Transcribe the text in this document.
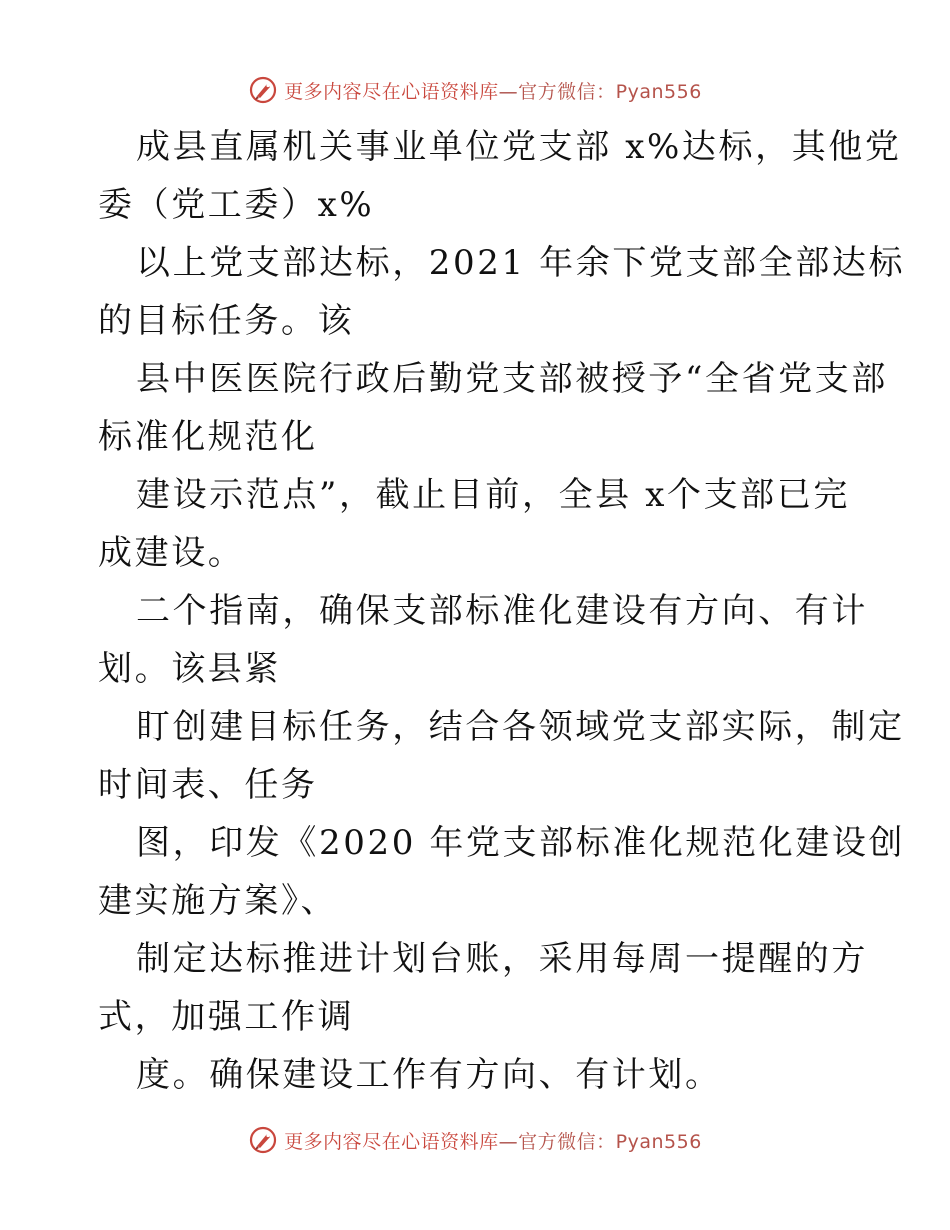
更多内容尽在心语资料库—官方微信：Pyan556

成县直属机关事业单位党支部 x%达标，其他党
委（党工委）x%

以上党支部达标，2021 年余下党支部全部达标
的目标任务。该

县中医医院行政后勤党支部被授予“全省党支部
标准化规范化

建设示范点”，截止目前，全县 x个支部已完
成建设。

二个指南，确保支部标准化建设有方向、有计
划。该县紧

盯创建目标任务，结合各领域党支部实际，制定
时间表、任务

图，印发《2020 年党支部标准化规范化建设创
建实施方案》、

制定达标推进计划台账，采用每周一提醒的方
式，加强工作调

度。确保建设工作有方向、有计划。

更多内容尽在心语资料库—官方微信：Pyan556
